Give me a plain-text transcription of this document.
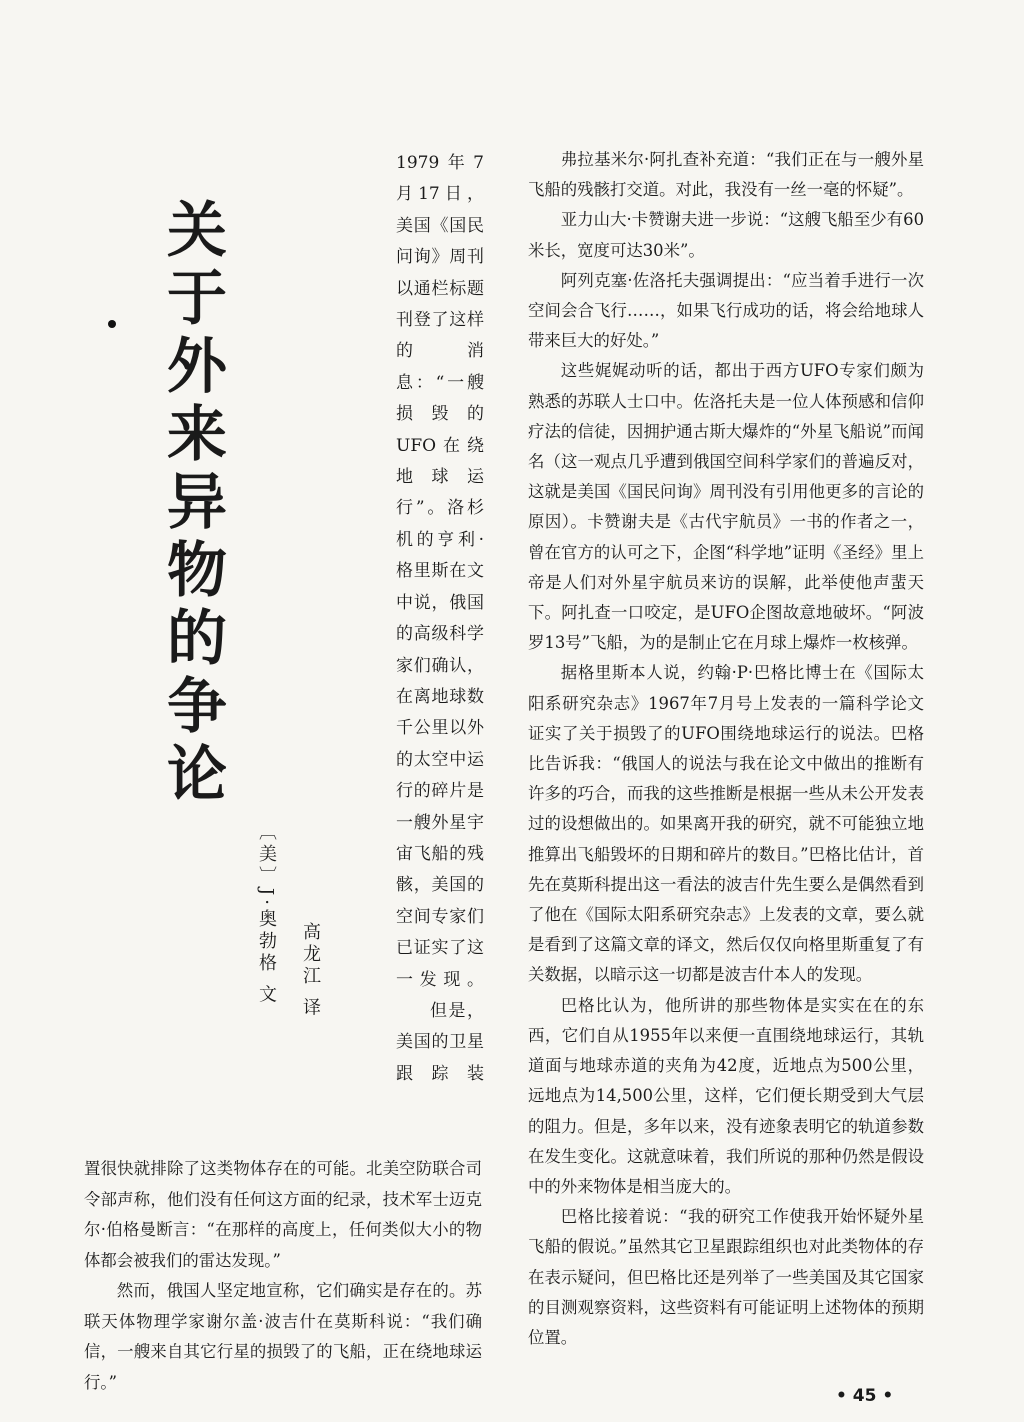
关于外来异物的争论
〔美〕J·奥勃格 文 高龙江 译

1979年7月17日，美国《国民问询》周刊以通栏标题刊登了这样的消息：“一艘损毁的UFO在绕地球运行”。洛杉机的亨利·格里斯在文中说，俄国的高级科学家们确认，在离地球数千公里以外的太空中运行的碎片是一艘外星宇宙飞船的残骸，美国的空间专家们已证实了这一发现。

但是，美国的卫星跟踪装

置很快就排除了这类物体存在的可能。北美空防联合司令部声称，他们没有任何这方面的纪录，技术军士迈克尔·伯格曼断言：“在那样的高度上，任何类似大小的物体都会被我们的雷达发现。”

然而，俄国人坚定地宣称，它们确实是存在的。苏联天体物理学家谢尔盖·波吉什在莫斯科说：“我们确信，一艘来自其它行星的损毁了的飞船，正在绕地球运行。”

弗拉基米尔·阿扎查补充道：“我们正在与一艘外星飞船的残骸打交道。对此，我没有一丝一毫的怀疑”。

亚力山大·卡赞谢夫进一步说：“这艘飞船至少有60米长，宽度可达30米”。

阿列克塞·佐洛托夫强调提出：“应当着手进行一次空间会合飞行……，如果飞行成功的话，将会给地球人带来巨大的好处。”

这些娓娓动听的话，都出于西方UFO专家们颇为熟悉的苏联人士口中。佐洛托夫是一位人体预感和信仰疗法的信徒，因拥护通古斯大爆炸的“外星飞船说”而闻名（这一观点几乎遭到俄国空间科学家们的普遍反对，这就是美国《国民问询》周刊没有引用他更多的言论的原因）。卡赞谢夫是《古代宇航员》一书的作者之一，曾在官方的认可之下，企图“科学地”证明《圣经》里上帝是人们对外星宇航员来访的误解，此举使他声蜚天下。阿扎查一口咬定，是UFO企图故意地破坏。“阿波罗13号”飞船，为的是制止它在月球上爆炸一枚核弹。

据格里斯本人说，约翰·P·巴格比博士在《国际太阳系研究杂志》1967年7月号上发表的一篇科学论文证实了关于损毁了的UFO围绕地球运行的说法。巴格比告诉我：“俄国人的说法与我在论文中做出的推断有许多的巧合，而我的这些推断是根据一些从未公开发表过的设想做出的。如果离开我的研究，就不可能独立地推算出飞船毁坏的日期和碎片的数目。”巴格比估计，首先在莫斯科提出这一看法的波吉什先生要么是偶然看到了他在《国际太阳系研究杂志》上发表的文章，要么就是看到了这篇文章的译文，然后仅仅向格里斯重复了有关数据，以暗示这一切都是波吉什本人的发现。

巴格比认为，他所讲的那些物体是实实在在的东西，它们自从1955年以来便一直围绕地球运行，其轨道面与地球赤道的夹角为42度，近地点为500公里，远地点为14,500公里，这样，它们便长期受到大气层的阻力。但是，多年以来，没有迹象表明它的轨道参数在发生变化。这就意味着，我们所说的那种仍然是假设中的外来物体是相当庞大的。

巴格比接着说：“我的研究工作使我开始怀疑外星飞船的假说。”虽然其它卫星跟踪组织也对此类物体的存在表示疑问，但巴格比还是列举了一些美国及其它国家的目测观察资料，这些资料有可能证明上述物体的预期位置。

• 45 •
